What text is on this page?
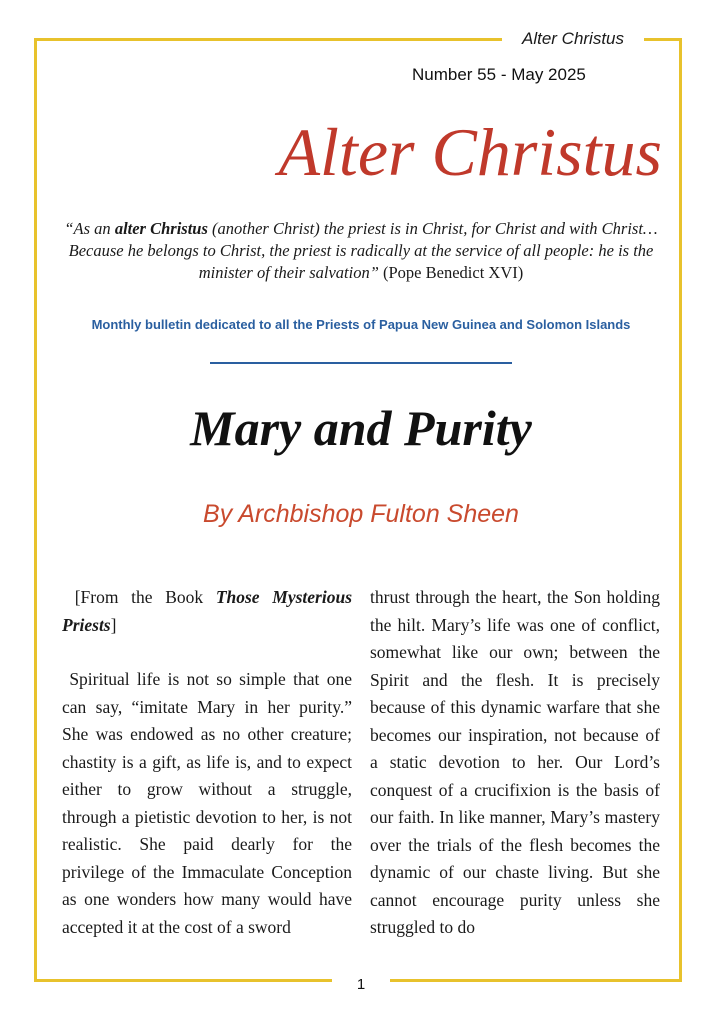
Alter Christus
Number 55 - May 2025
Alter Christus
“As an alter Christus (another Christ) the priest is in Christ, for Christ and with Christ… Because he belongs to Christ, the priest is radically at the service of all people: he is the minister of their salvation” (Pope Benedict XVI)
Monthly bulletin dedicated to all the Priests of Papua New Guinea and Solomon Islands
Mary and Purity
By Archbishop Fulton Sheen

[From the Book Those Mysterious Priests]

Spiritual life is not so simple that one can say, “imitate Mary in her purity.” She was endowed as no other creature; chastity is a gift, as life is, and to expect either to grow without a struggle, through a pietistic devotion to her, is not realistic. She paid dearly for the privilege of the Immaculate Conception as one wonders how many would have accepted it at the cost of a sword

thrust through the heart, the Son holding the hilt. Mary’s life was one of conflict, somewhat like our own; between the Spirit and the flesh. It is precisely because of this dynamic warfare that she becomes our inspiration, not because of a static devotion to her. Our Lord’s conquest of a crucifixion is the basis of our faith. In like manner, Mary’s mastery over the trials of the flesh becomes the dynamic of our chaste living. But she cannot encourage purity unless she struggled to do

1
